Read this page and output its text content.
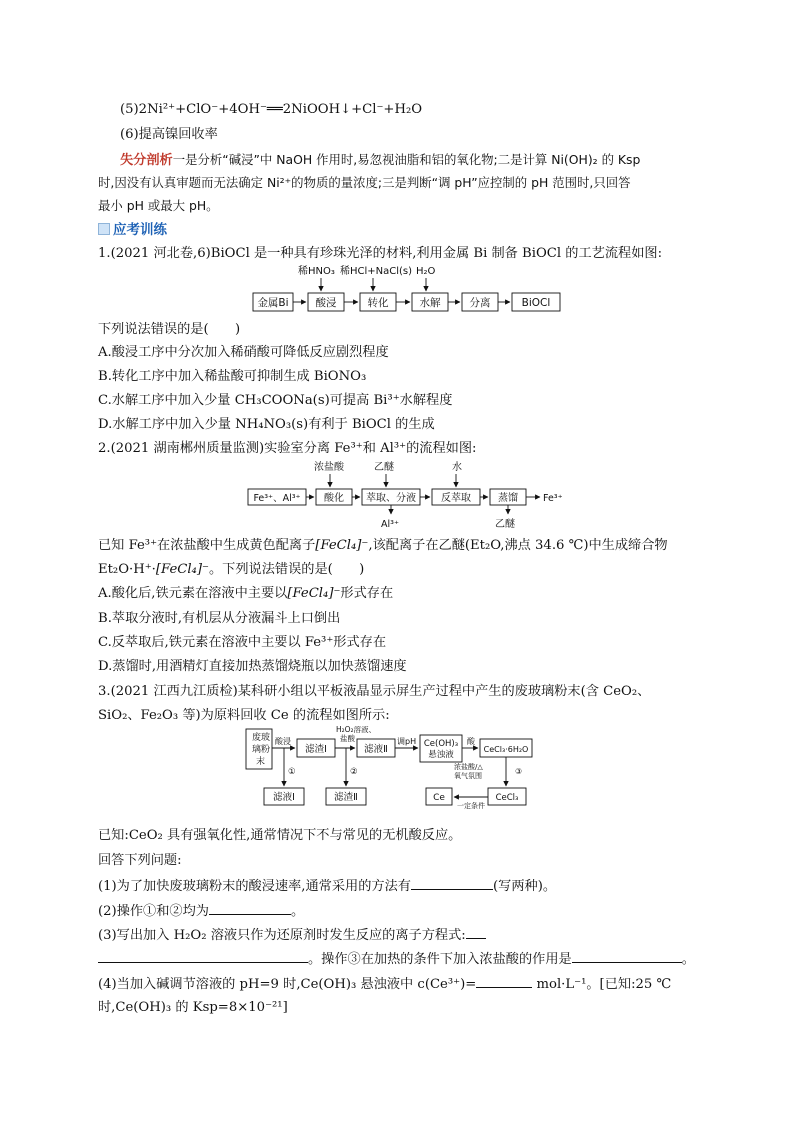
(5)2Ni²⁺+ClO⁻+4OH⁻══2NiOOH↓+Cl⁻+H₂O
(6)提高镍回收率
失分剖析一是分析“碱浸”中 NaOH 作用时,易忽视油脂和铝的氧化物;二是计算 Ni(OH)₂ 的 Ksp
时,因没有认真审题而无法确定 Ni²⁺的物质的量浓度;三是判断“调 pH”应控制的 pH 范围时,只回答
最小 pH 或最大 pH。
应考训练
1.(2021 河北卷,6)BiOCl 是一种具有珍珠光泽的材料,利用金属 Bi 制备 BiOCl 的工艺流程如图:
稀HNO₃ 稀HCl+NaCl(s) H₂O
金属Bi	酸浸	转化	水解	分离	BiOCl
下列说法错误的是(　　)
A.酸浸工序中分次加入稀硝酸可降低反应剧烈程度
B.转化工序中加入稀盐酸可抑制生成 BiONO₃
C.水解工序中加入少量 CH₃COONa(s)可提高 Bi³⁺水解程度
D.水解工序中加入少量 NH₄NO₃(s)有利于 BiOCl 的生成
2.(2021 湖南郴州质量监测)实验室分离 Fe³⁺和 Al³⁺的流程如图:
浓盐酸	乙醚	水
Fe³⁺、Al³⁺ 酸化 萃取、分液	反萃取	蒸馏	Fe³⁺
Al³⁺	乙醚
已知 Fe³⁺在浓盐酸中生成黄色配离子[FeCl₄]⁻,该配离子在乙醚(Et₂O,沸点 34.6 ℃)中生成缔合物
Et₂O·H⁺·[FeCl₄]⁻。下列说法错误的是(　　)
A.酸化后,铁元素在溶液中主要以[FeCl₄]⁻形式存在
B.萃取分液时,有机层从分液漏斗上口倒出
C.反萃取后,铁元素在溶液中主要以 Fe³⁺形式存在
D.蒸馏时,用酒精灯直接加热蒸馏烧瓶以加快蒸馏速度
3.(2021 江西九江质检)某科研小组以平板液晶显示屏生产过程中产生的废玻璃粉末(含 CeO₂、
SiO₂、Fe₂O₃ 等)为原料回收 Ce 的流程如图所示:
废 玻
璃 粉
末
酸浸
滤渣Ⅰ
H₂O₂溶液、
盐酸
滤液Ⅱ
调pH Ce(OH)₃
悬浊液
酸
CeCl₃·6H₂O
浓盐酸/△
氧气氛围	③
CeCl₃
一定条件
Ce
①
滤液Ⅰ
②
滤渣Ⅱ
已知:CeO₂ 具有强氧化性,通常情况下不与常见的无机酸反应。
回答下列问题:
(1)为了加快废玻璃粉末的酸浸速率,通常采用的方法有	(写两种)。
(2)操作①和②均为	。
(3)写出加入 H₂O₂ 溶液只作为还原剂时发生反应的离子方程式:
。操作③在加热的条件下加入浓盐酸的作用是	。
(4)当加入碱调节溶液的 pH=9 时,Ce(OH)₃ 悬浊液中 c(Ce³⁺)=	mol·L⁻¹。[已知:25 ℃
时,Ce(OH)₃ 的 Ksp=8×10⁻²¹]
